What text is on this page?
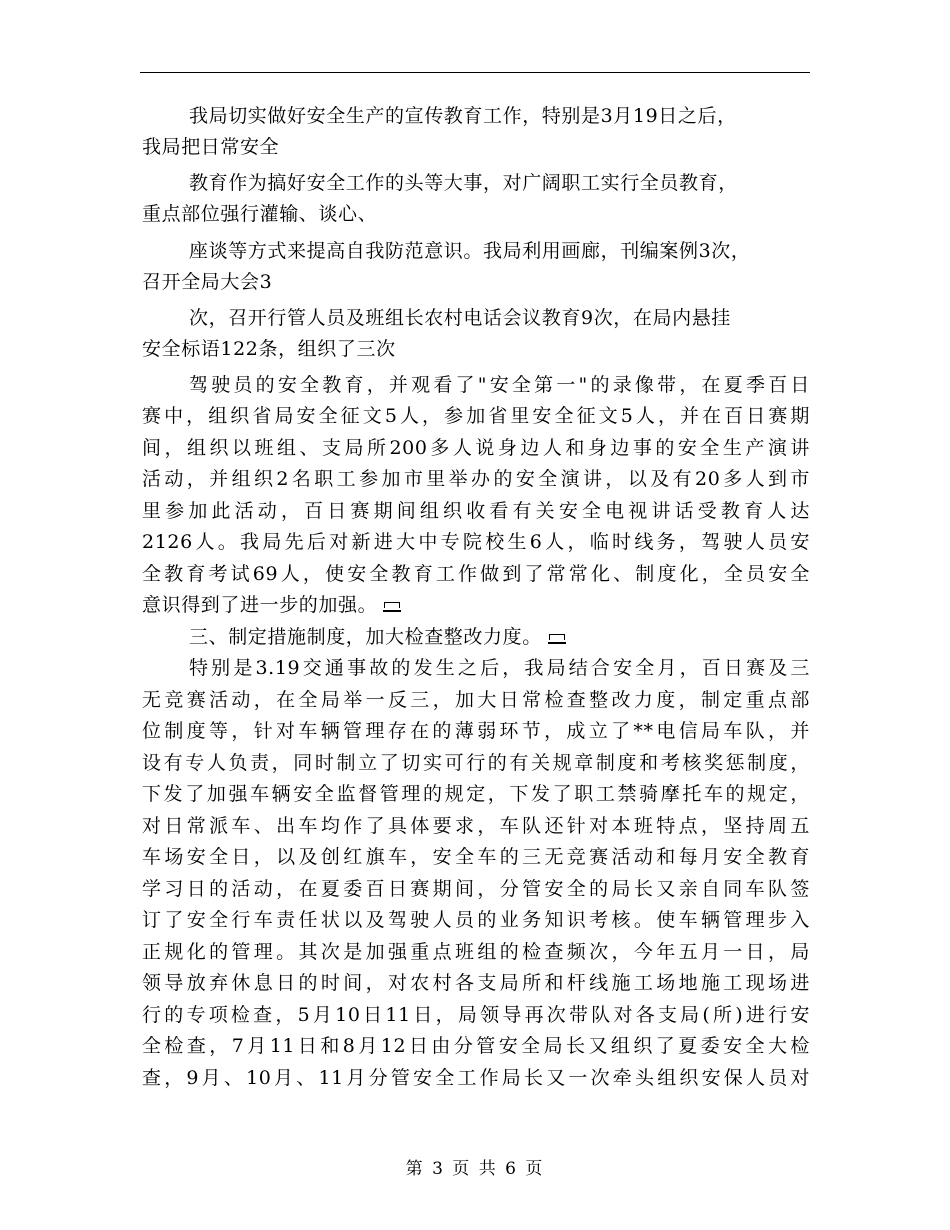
我局切实做好安全生产的宣传教育工作，特别是3月19日之后，
我局把日常安全
教育作为搞好安全工作的头等大事，对广阔职工实行全员教育，
重点部位强行灌输、谈心、
座谈等方式来提高自我防范意识。我局利用画廊，刊编案例3次，
召开全局大会3
次，召开行管人员及班组长农村电话会议教育9次，在局内悬挂
安全标语122条，组织了三次
驾驶员的安全教育，并观看了"安全第一"的录像带，在夏季百日
赛中，组织省局安全征文5人，参加省里安全征文5人，并在百日赛期
间，组织以班组、支局所200多人说身边人和身边事的安全生产演讲
活动，并组织2名职工参加市里举办的安全演讲，以及有20多人到市
里参加此活动，百日赛期间组织收看有关安全电视讲话受教育人达
2126人。我局先后对新进大中专院校生6人，临时线务，驾驶人员安
全教育考试69人，使安全教育工作做到了常常化、制度化，全员安全
意识得到了进一步的加强。
三、制定措施制度，加大检查整改力度。
特别是3.19交通事故的发生之后，我局结合安全月，百日赛及三
无竞赛活动，在全局举一反三，加大日常检查整改力度，制定重点部
位制度等，针对车辆管理存在的薄弱环节，成立了**电信局车队，并
设有专人负责，同时制立了切实可行的有关规章制度和考核奖惩制度，
下发了加强车辆安全监督管理的规定，下发了职工禁骑摩托车的规定，
对日常派车、出车均作了具体要求，车队还针对本班特点，坚持周五
车场安全日，以及创红旗车，安全车的三无竞赛活动和每月安全教育
学习日的活动，在夏委百日赛期间，分管安全的局长又亲自同车队签
订了安全行车责任状以及驾驶人员的业务知识考核。使车辆管理步入
正规化的管理。其次是加强重点班组的检查频次，今年五月一日，局
领导放弃休息日的时间，对农村各支局所和杆线施工场地施工现场进
行的专项检查，5月10日11日，局领导再次带队对各支局(所)进行安
全检查，7月11日和8月12日由分管安全局长又组织了夏委安全大检
查，9月、10月、11月分管安全工作局长又一次牵头组织安保人员对
第 3 页 共 6 页
